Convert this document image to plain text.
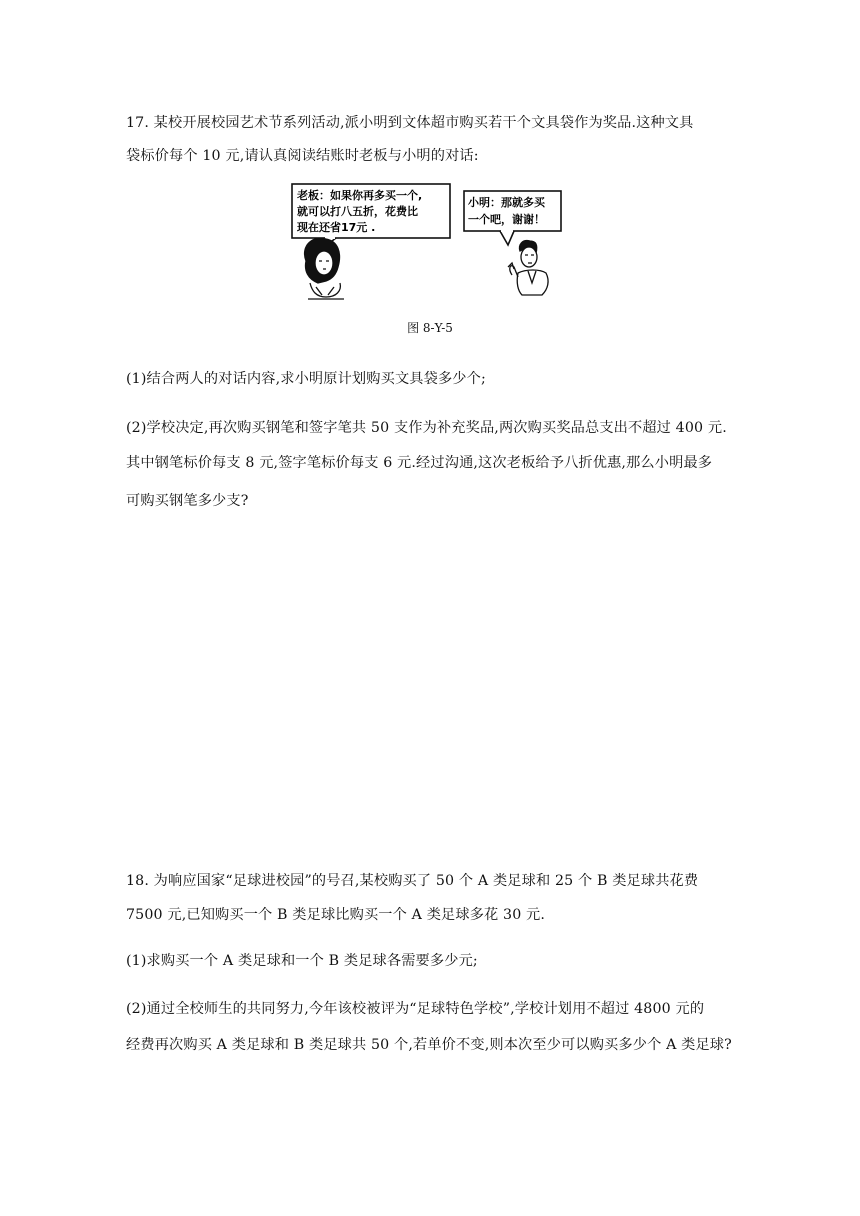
17. 某校开展校园艺术节系列活动,派小明到文体超市购买若干个文具袋作为奖品.这种文具
袋标价每个 10 元,请认真阅读结账时老板与小明的对话:
老板：如果你再多买一个,
就可以打八五折，花费比
现在还省17元 .
小明：那就多买
一个吧，谢谢！
图 8-Y-5
(1)结合两人的对话内容,求小明原计划购买文具袋多少个;
(2)学校决定,再次购买钢笔和签字笔共 50 支作为补充奖品,两次购买奖品总支出不超过 400 元.
其中钢笔标价每支 8 元,签字笔标价每支 6 元.经过沟通,这次老板给予八折优惠,那么小明最多
可购买钢笔多少支?
18. 为响应国家“足球进校园”的号召,某校购买了 50 个 A 类足球和 25 个 B 类足球共花费
7500 元,已知购买一个 B 类足球比购买一个 A 类足球多花 30 元.
(1)求购买一个 A 类足球和一个 B 类足球各需要多少元;
(2)通过全校师生的共同努力,今年该校被评为“足球特色学校”,学校计划用不超过 4800 元的
经费再次购买 A 类足球和 B 类足球共 50 个,若单价不变,则本次至少可以购买多少个 A 类足球?
